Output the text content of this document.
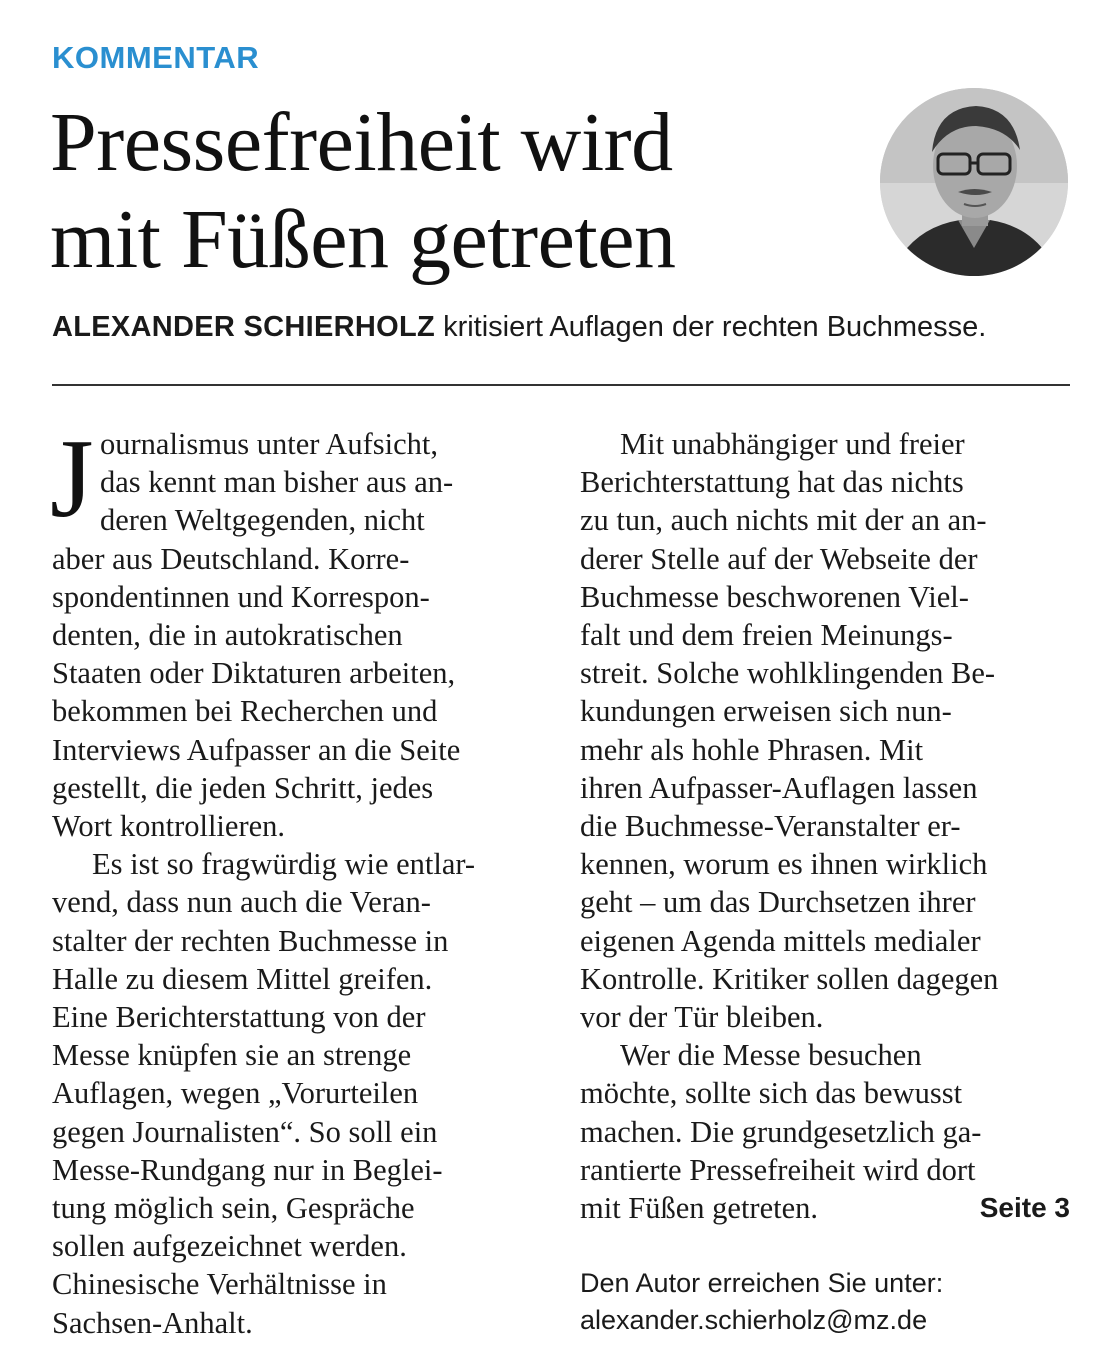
KOMMENTAR
Pressefreiheit wird
mit Füßen getreten
ALEXANDER SCHIERHOLZ kritisiert Auflagen der rechten Buchmesse.
J ournalismus unter Aufsicht,
das kennt man bisher aus an-
deren Weltgegenden, nicht
aber aus Deutschland. Korre-
spondentinnen und Korrespon-
denten, die in autokratischen
Staaten oder Diktaturen arbeiten,
bekommen bei Recherchen und
Interviews Aufpasser an die Seite
gestellt, die jeden Schritt, jedes
Wort kontrollieren.
Es ist so fragwürdig wie entlar-
vend, dass nun auch die Veran-
stalter der rechten Buchmesse in
Halle zu diesem Mittel greifen.
Eine Berichterstattung von der
Messe knüpfen sie an strenge
Auflagen, wegen „Vorurteilen
gegen Journalisten“. So soll ein
Messe-Rundgang nur in Beglei-
tung möglich sein, Gespräche
sollen aufgezeichnet werden.
Chinesische Verhältnisse in
Sachsen-Anhalt.
Mit unabhängiger und freier
Berichterstattung hat das nichts
zu tun, auch nichts mit der an an-
derer Stelle auf der Webseite der
Buchmesse beschworenen Viel-
falt und dem freien Meinungs-
streit. Solche wohlklingenden Be-
kundungen erweisen sich nun-
mehr als hohle Phrasen. Mit
ihren Aufpasser-Auflagen lassen
die Buchmesse-Veranstalter er-
kennen, worum es ihnen wirklich
geht – um das Durchsetzen ihrer
eigenen Agenda mittels medialer
Kontrolle. Kritiker sollen dagegen
vor der Tür bleiben.
Wer die Messe besuchen
möchte, sollte sich das bewusst
machen. Die grundgesetzlich ga-
rantierte Pressefreiheit wird dort
mit Füßen getreten.	Seite 3
Den Autor erreichen Sie unter:
alexander.schierholz@mz.de
